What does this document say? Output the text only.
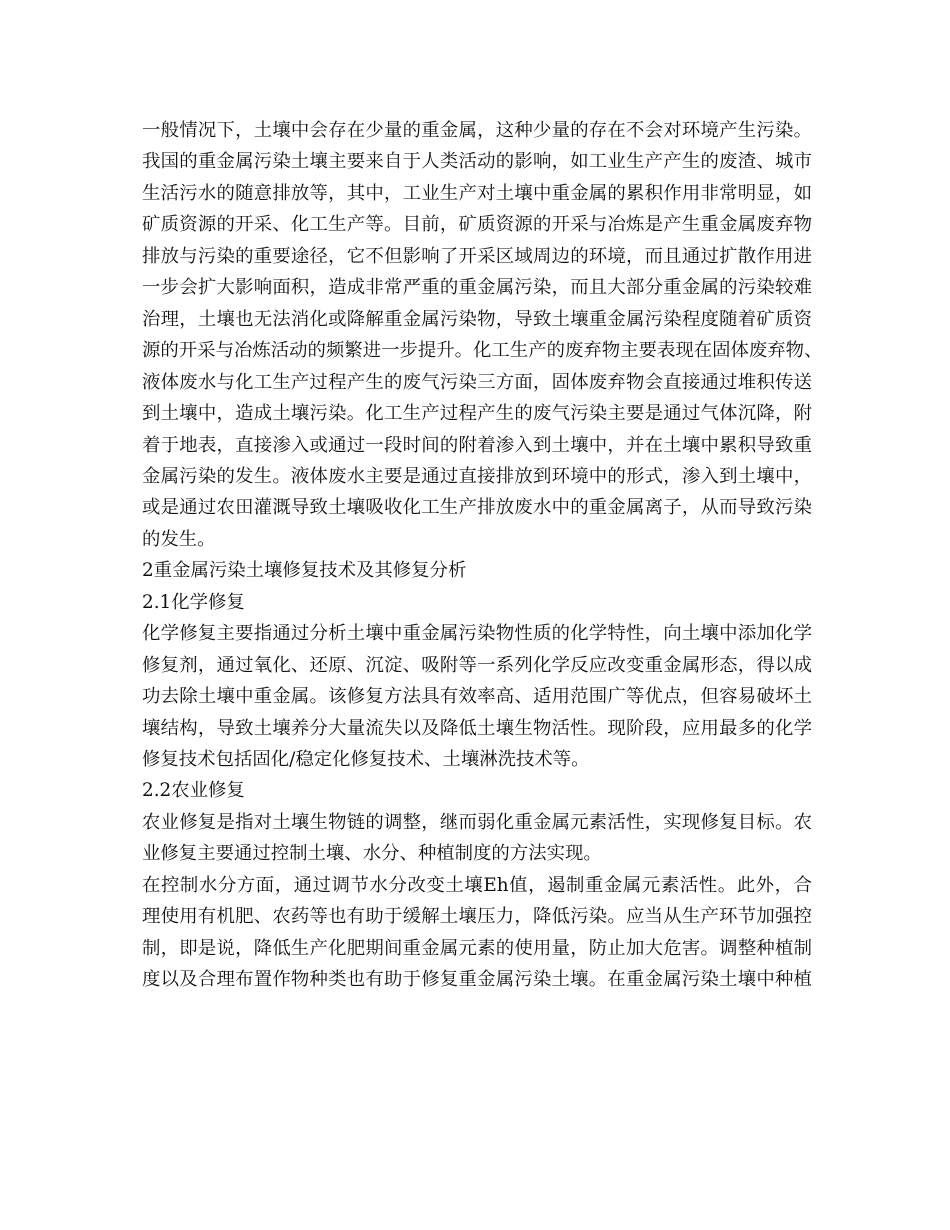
一般情况下，土壤中会存在少量的重金属，这种少量的存在不会对环境产生污染。
我国的重金属污染土壤主要来自于人类活动的影响，如工业生产产生的废渣、城市
生活污水的随意排放等，其中，工业生产对土壤中重金属的累积作用非常明显，如
矿质资源的开采、化工生产等。目前，矿质资源的开采与冶炼是产生重金属废弃物
排放与污染的重要途径，它不但影响了开采区域周边的环境，而且通过扩散作用进
一步会扩大影响面积，造成非常严重的重金属污染，而且大部分重金属的污染较难
治理，土壤也无法消化或降解重金属污染物，导致土壤重金属污染程度随着矿质资
源的开采与冶炼活动的频繁进一步提升。化工生产的废弃物主要表现在固体废弃物、
液体废水与化工生产过程产生的废气污染三方面，固体废弃物会直接通过堆积传送
到土壤中，造成土壤污染。化工生产过程产生的废气污染主要是通过气体沉降，附
着于地表，直接渗入或通过一段时间的附着渗入到土壤中，并在土壤中累积导致重
金属污染的发生。液体废水主要是通过直接排放到环境中的形式，渗入到土壤中，
或是通过农田灌溉导致土壤吸收化工生产排放废水中的重金属离子，从而导致污染
的发生。
2重金属污染土壤修复技术及其修复分析
2.1化学修复
化学修复主要指通过分析土壤中重金属污染物性质的化学特性，向土壤中添加化学
修复剂，通过氧化、还原、沉淀、吸附等一系列化学反应改变重金属形态，得以成
功去除土壤中重金属。该修复方法具有效率高、适用范围广等优点，但容易破坏土
壤结构，导致土壤养分大量流失以及降低土壤生物活性。现阶段，应用最多的化学
修复技术包括固化/稳定化修复技术、土壤淋洗技术等。
2.2农业修复
农业修复是指对土壤生物链的调整，继而弱化重金属元素活性，实现修复目标。农
业修复主要通过控制土壤、水分、种植制度的方法实现。
在控制水分方面，通过调节水分改变土壤Eh值，遏制重金属元素活性。此外，合
理使用有机肥、农药等也有助于缓解土壤压力，降低污染。应当从生产环节加强控
制，即是说，降低生产化肥期间重金属元素的使用量，防止加大危害。调整种植制
度以及合理布置作物种类也有助于修复重金属污染土壤。在重金属污染土壤中种植
